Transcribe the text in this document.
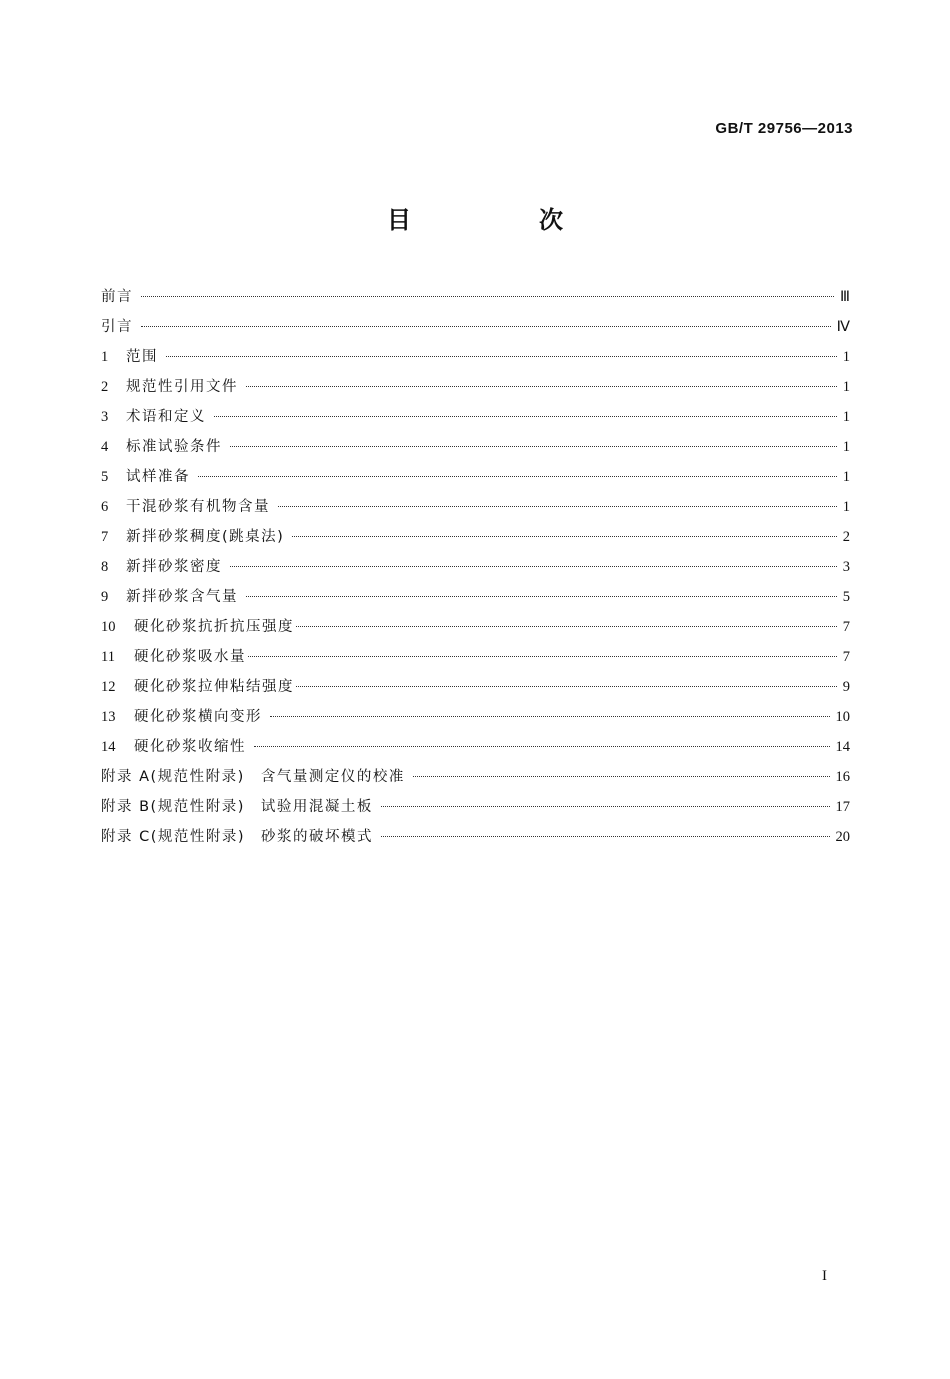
GB/T 29756—2013
目　次
前言	Ⅲ
引言	Ⅳ
1	范围	1
2	规范性引用文件	1
3	术语和定义	1
4	标准试验条件	1
5	试样准备	1
6	干混砂浆有机物含量	1
7	新拌砂浆稠度(跳桌法)	2
8	新拌砂浆密度	3
9	新拌砂浆含气量	5
10	硬化砂浆抗折抗压强度	7
11	硬化砂浆吸水量	7
12	硬化砂浆拉伸粘结强度	9
13	硬化砂浆横向变形	10
14	硬化砂浆收缩性	14
附录 A(规范性附录)　含气量测定仪的校准	16
附录 B(规范性附录)　试验用混凝土板	17
附录 C(规范性附录)　砂浆的破坏模式	20
I
